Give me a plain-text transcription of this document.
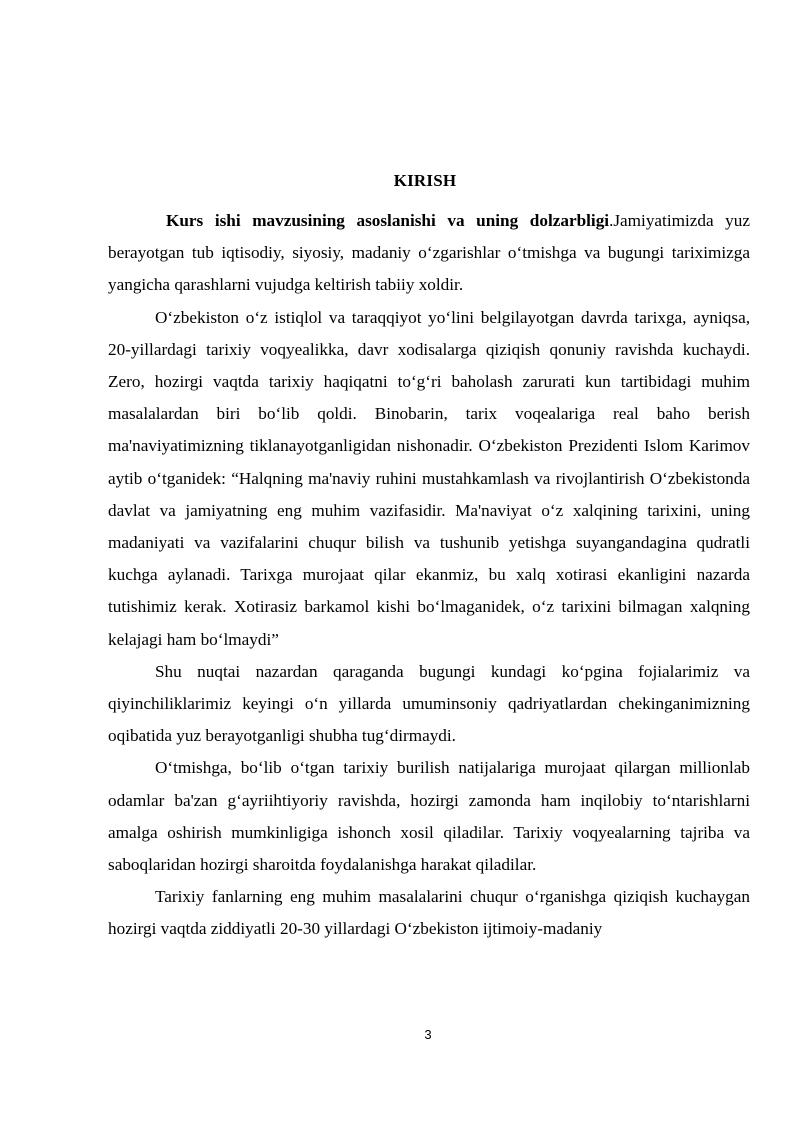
KIRISH

Kurs ishi mavzusining asoslanishi va uning dolzarbligi.Jamiyatimizda yuz berayotgan tub iqtisodiy, siyosiy, madaniy o‘zgarishlar o‘tmishga va bugungi tariximizga yangicha qarashlarni vujudga keltirish tabiiy xoldir.

O‘zbekiston o‘z istiqlol va taraqqiyot yo‘lini belgilayotgan davrda tarixga, ayniqsa, 20-yillardagi tarixiy voqyealikka, davr xodisalarga qiziqish qonuniy ravishda kuchaydi. Zero, hozirgi vaqtda tarixiy haqiqatni to‘g‘ri baholash zarurati kun tartibidagi muhim masalalardan biri bo‘lib qoldi. Binobarin, tarix voqealariga real baho berish ma'naviyatimizning tiklanayotganligidan nishonadir. O‘zbekiston Prezidenti Islom Karimov aytib o‘tganidek: “Halqning ma'naviy ruhini mustahkamlash va rivojlantirish O‘zbekistonda davlat va jamiyatning eng muhim vazifasidir. Ma'naviyat o‘z xalqining tarixini, uning madaniyati va vazifalarini chuqur bilish va tushunib yetishga suyangandagina qudratli kuchga aylanadi. Tarixga murojaat qilar ekanmiz, bu xalq xotirasi ekanligini nazarda tutishimiz kerak. Xotirasiz barkamol kishi bo‘lmaganidek, o‘z tarixini bilmagan xalqning kelajagi ham bo‘lmaydi”

Shu nuqtai nazardan qaraganda bugungi kundagi ko‘pgina fojialarimiz va qiyinchiliklarimiz keyingi o‘n yillarda umuminsoniy qadriyatlardan chekinganimizning oqibatida yuz berayotganligi shubha tug‘dirmaydi.

O‘tmishga, bo‘lib o‘tgan tarixiy burilish natijalariga murojaat qilargan millionlab odamlar ba'zan g‘ayriihtiyoriy ravishda, hozirgi zamonda ham inqilobiy to‘ntarishlarni amalga oshirish mumkinligiga ishonch xosil qiladilar. Tarixiy voqyealarning tajriba va saboqlaridan hozirgi sharoitda foydalanishga harakat qiladilar.

Tarixiy fanlarning eng muhim masalalarini chuqur o‘rganishga qiziqish kuchaygan hozirgi vaqtda ziddiyatli 20-30 yillardagi O‘zbekiston ijtimoiy-madaniy

3
